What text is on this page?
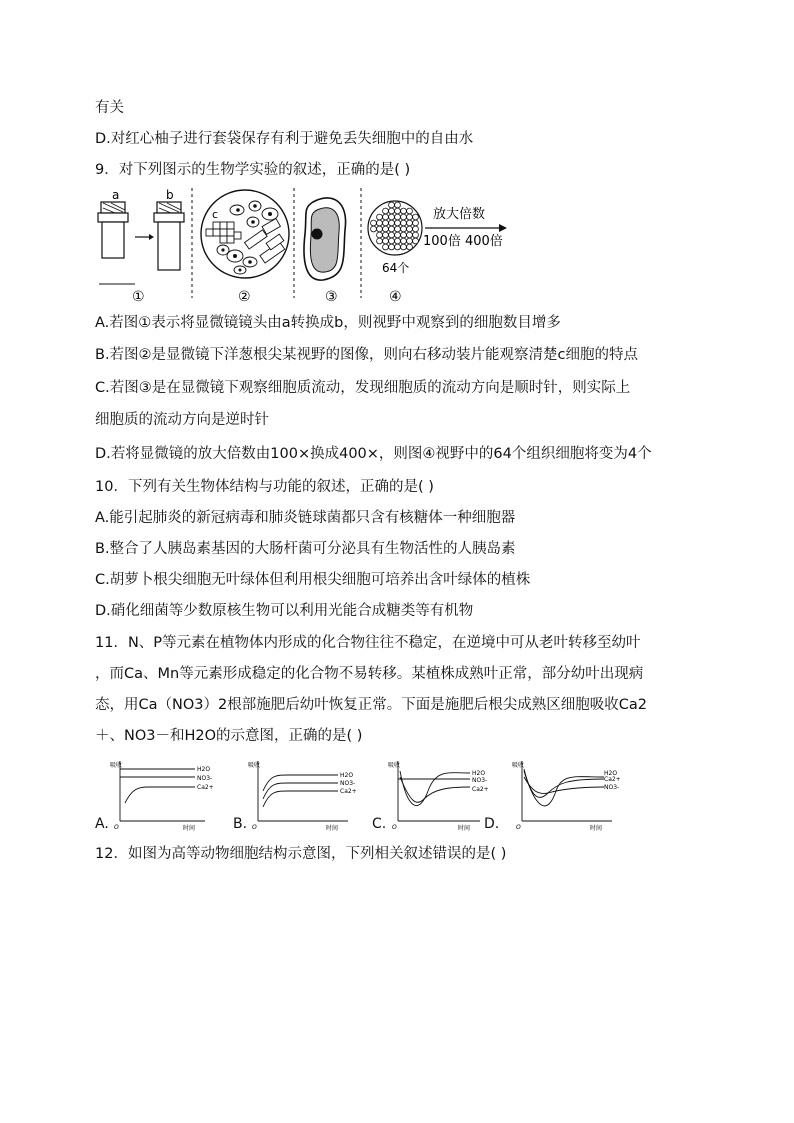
有关
D.对红心柚子进行套袋保存有利于避免丢失细胞中的自由水
9．对下列图示的生物学实验的叙述，正确的是( )
a	b
①
c
②	③
64个
④
放大倍数
100倍 400倍
A.若图①表示将显微镜镜头由a转换成b，则视野中观察到的细胞数目增多
B.若图②是显微镜下洋葱根尖某视野的图像，则向右移动装片能观察清楚c细胞的特点
C.若图③是在显微镜下观察细胞质流动，发现细胞质的流动方向是顺时针，则实际上
细胞质的流动方向是逆时针
D.若将显微镜的放大倍数由100×换成400×，则图④视野中的64个组织细胞将变为4个
10．下列有关生物体结构与功能的叙述，正确的是( )
A.能引起肺炎的新冠病毒和肺炎链球菌都只含有核糖体一种细胞器
B.整合了人胰岛素基因的大肠杆菌可分泌具有生物活性的人胰岛素
C.胡萝卜根尖细胞无叶绿体但利用根尖细胞可培养出含叶绿体的植株
D.硝化细菌等少数原核生物可以利用光能合成糖类等有机物
11．N、P等元素在植物体内形成的化合物往往不稳定，在逆境中可从老叶转移至幼叶
，而Ca、Mn等元素形成稳定的化合物不易转移。某植株成熟叶正常，部分幼叶出现病
态，用Ca（NO3）2根部施肥后幼叶恢复正常。下面是施肥后根尖成熟区细胞吸收Ca2
＋、NO3－和H2O的示意图，正确的是( )
A.	B.	C.	D.
H2O
NO3-
Ca2+
吸收
时间
O
H2O
NO3-
Ca2+
吸收
时间
O
H2O
NO3-
Ca2+
吸收
时间
O
H2O
Ca2+
NO3-
吸收
时间
O
12．如图为高等动物细胞结构示意图，下列相关叙述错误的是( )
